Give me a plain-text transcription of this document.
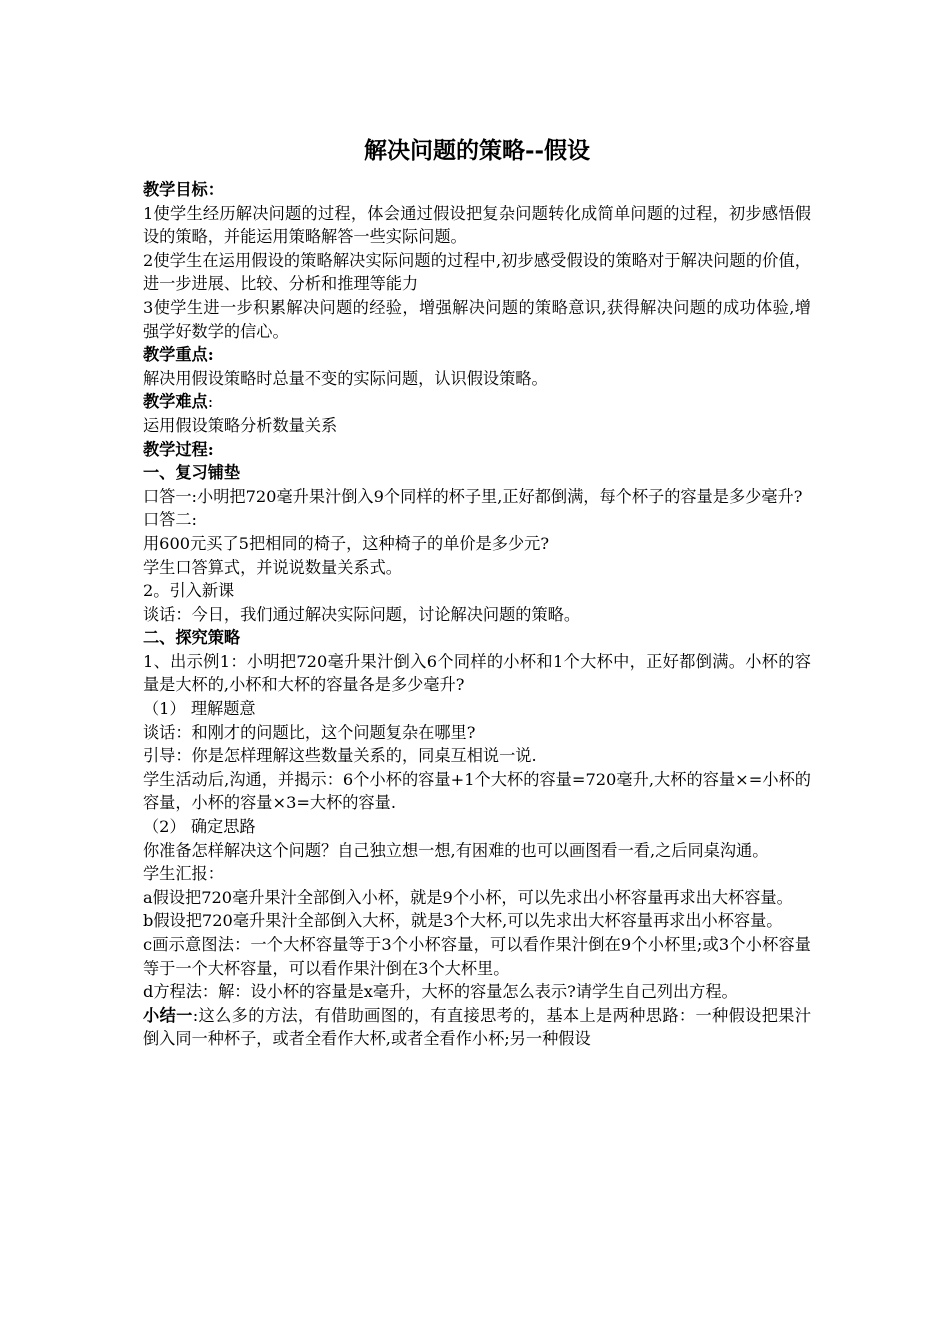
解决问题的策略--假设

教学目标：

1使学生经历解决问题的过程，体会通过假设把复杂问题转化成简单问题的过程，初步感悟假设的策略，并能运用策略解答一些实际问题。

2使学生在运用假设的策略解决实际问题的过程中,初步感受假设的策略对于解决问题的价值，进一步进展、比较、分析和推理等能力

3使学生进一步积累解决问题的经验，增强解决问题的策略意识,获得解决问题的成功体验,增强学好数学的信心。

教学重点:

解决用假设策略时总量不变的实际问题，认识假设策略。

教学难点:

运用假设策略分析数量关系

教学过程:

一、复习铺垫

口答一:小明把720毫升果汁倒入9个同样的杯子里,正好都倒满，每个杯子的容量是多少毫升?

口答二:

用600元买了5把相同的椅子，这种椅子的单价是多少元?

学生口答算式，并说说数量关系式。

2。引入新课

谈话：今日，我们通过解决实际问题，讨论解决问题的策略。

二、探究策略

1、出示例1：小明把720毫升果汁倒入6个同样的小杯和1个大杯中，正好都倒满。小杯的容量是大杯的,小杯和大杯的容量各是多少毫升?

（1） 理解题意

谈话：和刚才的问题比，这个问题复杂在哪里?

引导：你是怎样理解这些数量关系的，同桌互相说一说.

学生活动后,沟通，并揭示：6个小杯的容量+1个大杯的容量=720毫升,大杯的容量×=小杯的容量，小杯的容量×3=大杯的容量.

（2） 确定思路

你准备怎样解决这个问题？自己独立想一想,有困难的也可以画图看一看,之后同桌沟通。

学生汇报：

a假设把720毫升果汁全部倒入小杯，就是9个小杯，可以先求出小杯容量再求出大杯容量。

b假设把720毫升果汁全部倒入大杯，就是3个大杯,可以先求出大杯容量再求出小杯容量。

c画示意图法：一个大杯容量等于3个小杯容量，可以看作果汁倒在9个小杯里;或3个小杯容量等于一个大杯容量，可以看作果汁倒在3个大杯里。

d方程法：解：设小杯的容量是x毫升，大杯的容量怎么表示?请学生自己列出方程。

小结一:这么多的方法，有借助画图的，有直接思考的，基本上是两种思路：一种假设把果汁倒入同一种杯子，或者全看作大杯,或者全看作小杯;另一种假设
